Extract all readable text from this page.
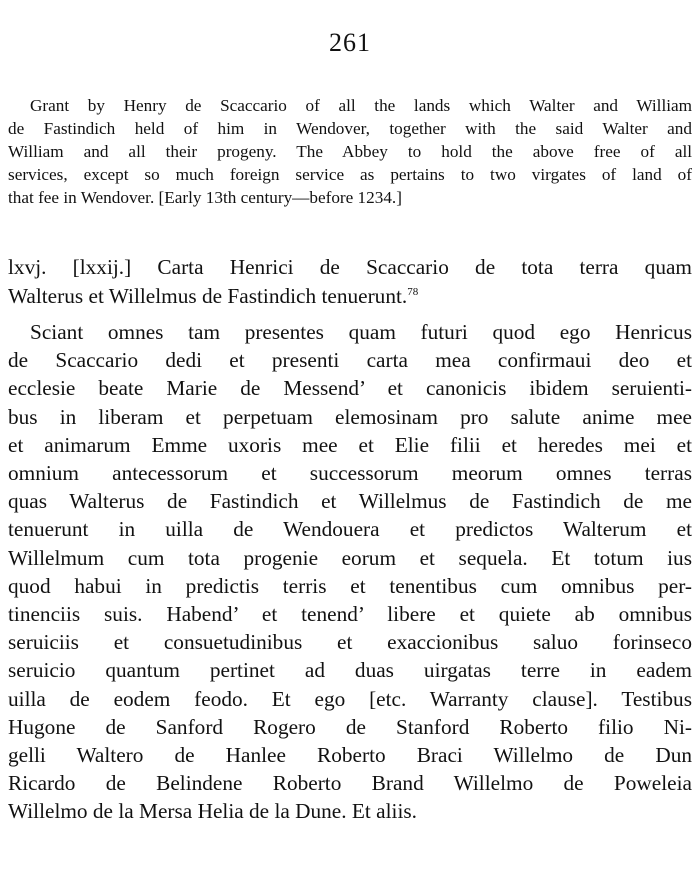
261
Grant by Henry de Scaccario of all the lands which Walter and William
de Fastindich held of him in Wendover, together with the said Walter and
William and all their progeny. The Abbey to hold the above free of all
services, except so much foreign service as pertains to two virgates of land of
that fee in Wendover. [Early 13th century—before 1234.]
lxvj. [lxxij.] Carta Henrici de Scaccario de tota terra quam
Walterus et Willelmus de Fastindich tenuerunt.$^{78}$
Sciant omnes tam presentes quam futuri quod ego Henricus
de Scaccario dedi et presenti carta mea confirmaui deo et
ecclesie beate Marie de Messend’ et canonicis ibidem seruienti-
bus in liberam et perpetuam elemosinam pro salute anime mee
et animarum Emme uxoris mee et Elie filii et heredes mei et
omnium antecessorum et successorum meorum omnes terras
quas Walterus de Fastindich et Willelmus de Fastindich de me
tenuerunt in uilla de Wendouera et predictos Walterum et
Willelmum cum tota progenie eorum et sequela. Et totum ius
quod habui in predictis terris et tenentibus cum omnibus per-
tinenciis suis. Habend’ et tenend’ libere et quiete ab omnibus
seruiciis et consuetudinibus et exaccionibus saluo forinseco
seruicio quantum pertinet ad duas uirgatas terre in eadem
uilla de eodem feodo. Et ego [etc. Warranty clause]. Testibus
Hugone de Sanford Rogero de Stanford Roberto filio Ni-
gelli Waltero de Hanlee Roberto Braci Willelmo de Dun
Ricardo de Belindene Roberto Brand Willelmo de Poweleia
Willelmo de la Mersa Helia de la Dune. Et aliis.
